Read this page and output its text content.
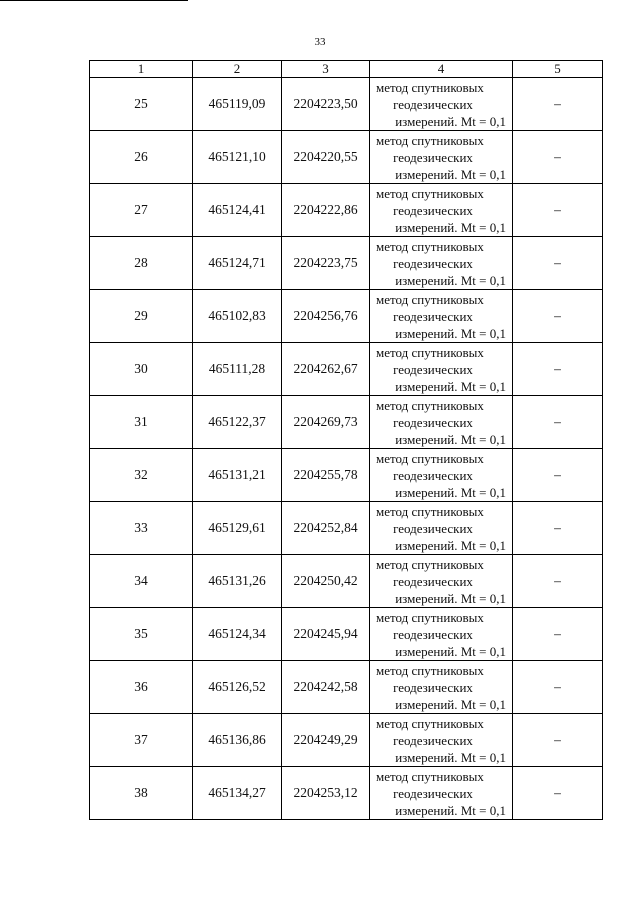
33
1	2	3	4	5
25	465119,09	2204223,50	метод спутниковых
геодезических
измерений. Mt = 0,1	–
26	465121,10	2204220,55	метод спутниковых
геодезических
измерений. Mt = 0,1	–
27	465124,41	2204222,86	метод спутниковых
геодезических
измерений. Mt = 0,1	–
28	465124,71	2204223,75	метод спутниковых
геодезических
измерений. Mt = 0,1	–
29	465102,83	2204256,76	метод спутниковых
геодезических
измерений. Mt = 0,1	–
30	465111,28	2204262,67	метод спутниковых
геодезических
измерений. Mt = 0,1	–
31	465122,37	2204269,73	метод спутниковых
геодезических
измерений. Mt = 0,1	–
32	465131,21	2204255,78	метод спутниковых
геодезических
измерений. Mt = 0,1	–
33	465129,61	2204252,84	метод спутниковых
геодезических
измерений. Mt = 0,1	–
34	465131,26	2204250,42	метод спутниковых
геодезических
измерений. Mt = 0,1	–
35	465124,34	2204245,94	метод спутниковых
геодезических
измерений. Mt = 0,1	–
36	465126,52	2204242,58	метод спутниковых
геодезических
измерений. Mt = 0,1	–
37	465136,86	2204249,29	метод спутниковых
геодезических
измерений. Mt = 0,1	–
38	465134,27	2204253,12	метод спутниковых
геодезических
измерений. Mt = 0,1	–
